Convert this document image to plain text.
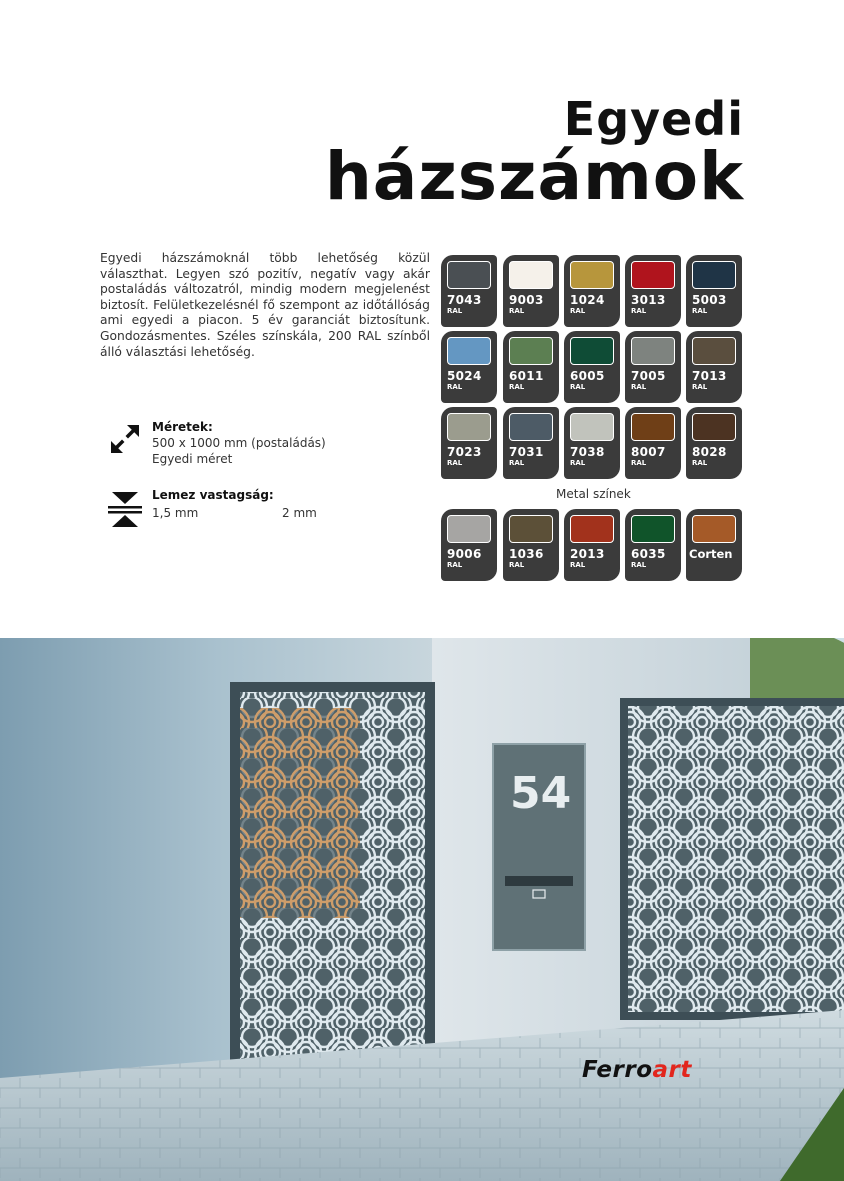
Egyedi
házszámok
Egyedi házszámoknál több lehetőség közül választhat. Legyen szó pozitív, negatív vagy akár postaládás változatról, mindig modern megjelenést biztosít. Felületkezelésnél fő szempont az időtállóság ami egyedi a piacon. 5 év garanciát biztosítunk. Gondozásmentes. Széles színskála, 200 RAL színből álló választási lehetőség.
Méretek:
500 x 1000 mm (postaládás)
Egyedi méret
Lemez vastagság:
1,5 mm	2 mm
7043
RAL
9003
RAL
1024
RAL
3013
RAL
5003
RAL
5024
RAL
6011
RAL
6005
RAL
7005
RAL
7013
RAL
7023
RAL
7031
RAL
7038
RAL
8007
RAL
8028
RAL
9006
RAL
1036
RAL
2013
RAL
6035
RAL
Corten
Metal színek
54
Ferroart
